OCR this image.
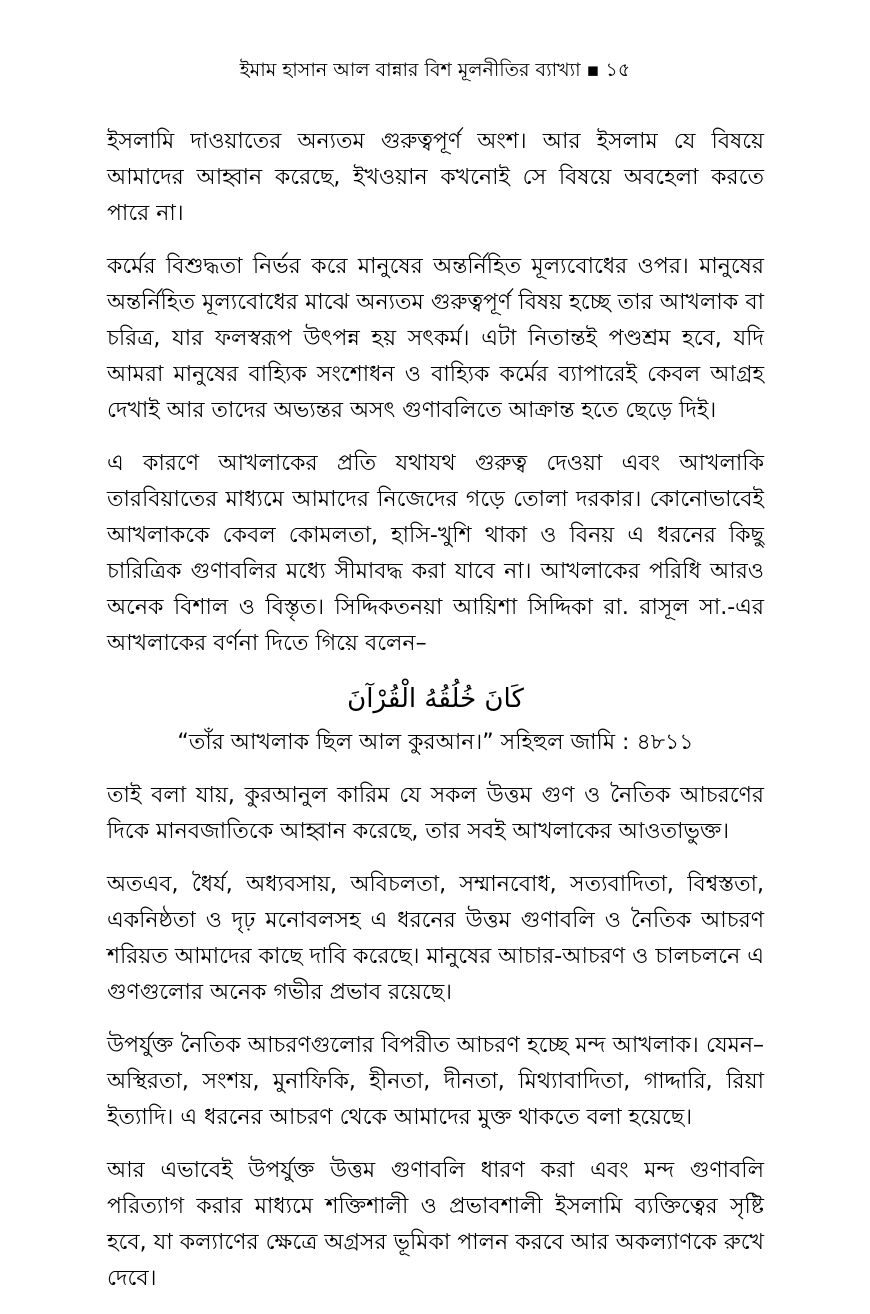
ইমাম হাসান আল বান্নার বিশ মূলনীতির ব্যাখ্যা ▪ ১৫

ইসলামি দাওয়াতের অন্যতম গুরুত্বপূর্ণ অংশ। আর ইসলাম যে বিষয়ে আমাদের আহ্বান করেছে, ইখওয়ান কখনোই সে বিষয়ে অবহেলা করতে পারে না।

কর্মের বিশুদ্ধতা নির্ভর করে মানুষের অন্তর্নিহিত মূল্যবোধের ওপর। মানুষের অন্তর্নিহিত মূল্যবোধের মাঝে অন্যতম গুরুত্বপূর্ণ বিষয় হচ্ছে তার আখলাক বা চরিত্র, যার ফলস্বরূপ উৎপন্ন হয় সৎকর্ম। এটা নিতান্তই পণ্ডশ্রম হবে, যদি আমরা মানুষের বাহ্যিক সংশোধন ও বাহ্যিক কর্মের ব্যাপারেই কেবল আগ্রহ দেখাই আর তাদের অভ্যন্তর অসৎ গুণাবলিতে আক্রান্ত হতে ছেড়ে দিই।

এ কারণে আখলাকের প্রতি যথাযথ গুরুত্ব দেওয়া এবং আখলাকি তারবিয়াতের মাধ্যমে আমাদের নিজেদের গড়ে তোলা দরকার। কোনোভাবেই আখলাককে কেবল কোমলতা, হাসি-খুশি থাকা ও বিনয় এ ধরনের কিছু চারিত্রিক গুণাবলির মধ্যে সীমাবদ্ধ করা যাবে না। আখলাকের পরিধি আরও অনেক বিশাল ও বিস্তৃত। সিদ্দিকতনয়া আয়িশা সিদ্দিকা রা. রাসূল সা.-এর আখলাকের বর্ণনা দিতে গিয়ে বলেন–

كَانَ خُلُقُهُ الْقُرْآنَ
“তাঁর আখলাক ছিল আল কুরআন।” সহিহুল জামি : ৪৮১১

তাই বলা যায়, কুরআনুল কারিম যে সকল উত্তম গুণ ও নৈতিক আচরণের দিকে মানবজাতিকে আহ্বান করেছে, তার সবই আখলাকের আওতাভুক্ত।

অতএব, ধৈর্য, অধ্যবসায়, অবিচলতা, সম্মানবোধ, সত্যবাদিতা, বিশ্বস্ততা, একনিষ্ঠতা ও দৃঢ় মনোবলসহ এ ধরনের উত্তম গুণাবলি ও নৈতিক আচরণ শরিয়ত আমাদের কাছে দাবি করেছে। মানুষের আচার-আচরণ ও চালচলনে এ গুণগুলোর অনেক গভীর প্রভাব রয়েছে।

উপর্যুক্ত নৈতিক আচরণগুলোর বিপরীত আচরণ হচ্ছে মন্দ আখলাক। যেমন– অস্থিরতা, সংশয়, মুনাফিকি, হীনতা, দীনতা, মিথ্যাবাদিতা, গাদ্দারি, রিয়া ইত্যাদি। এ ধরনের আচরণ থেকে আমাদের মুক্ত থাকতে বলা হয়েছে।

আর এভাবেই উপর্যুক্ত উত্তম গুণাবলি ধারণ করা এবং মন্দ গুণাবলি পরিত্যাগ করার মাধ্যমে শক্তিশালী ও প্রভাবশালী ইসলামি ব্যক্তিত্বের সৃষ্টি হবে, যা কল্যাণের ক্ষেত্রে অগ্রসর ভূমিকা পালন করবে আর অকল্যাণকে রুখে দেবে।
